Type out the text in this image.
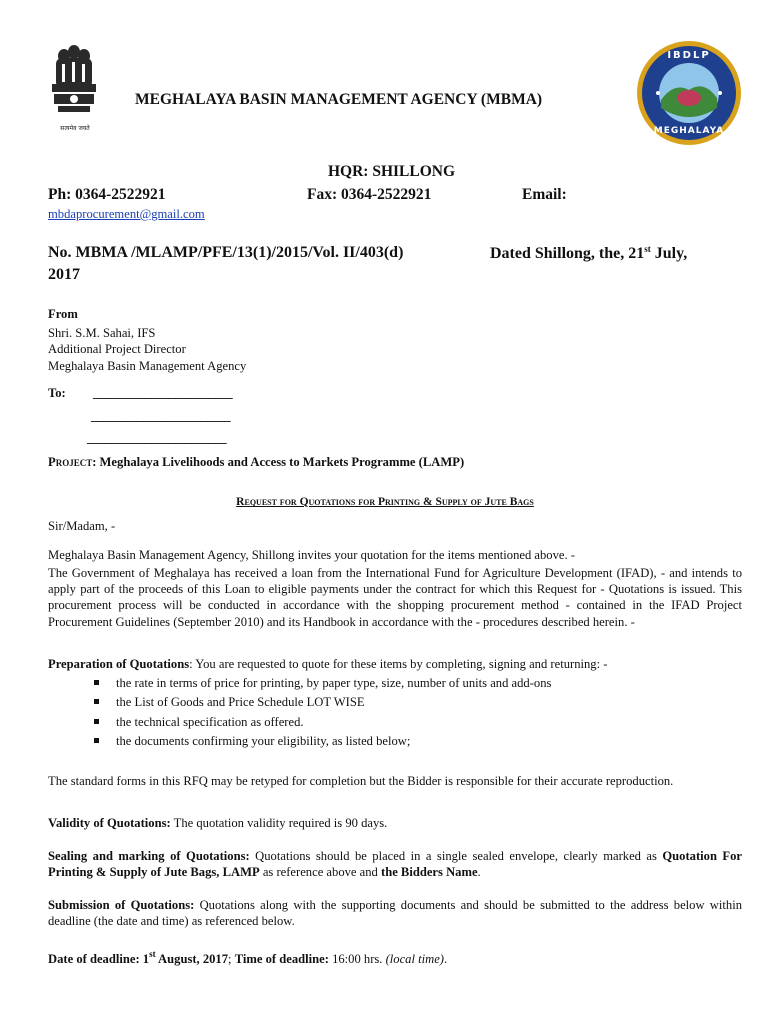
सत्यमेव जयते
IBDLP
MEGHALAYA
MEGHALAYA BASIN MANAGEMENT AGENCY (MBMA)
HQR: SHILLONG
Ph: 0364-2522921	Fax: 0364-2522921	Email:
mbdaprocurement@gmail.com
No. MBMA /MLAMP/PFE/13(1)/2015/Vol. II/403(d)	Dated Shillong, the, 21st July,
2017
From
Shri. S.M. Sahai, IFS
Additional Project Director
Meghalaya Basin Management Agency
To: ________________________
________________________
________________________
Project: Meghalaya Livelihoods and Access to Markets Programme (LAMP)
Request for Quotations for Printing & Supply of Jute Bags
Sir/Madam, -
Meghalaya Basin Management Agency, Shillong invites your quotation for the items mentioned above. -
The Government of Meghalaya has received a loan from the International Fund for Agriculture Development (IFAD), - and intends to apply part of the proceeds of this Loan to eligible payments under the contract for which this Request for - Quotations is issued. This procurement process will be conducted in accordance with the shopping procurement method - contained in the IFAD Project Procurement Guidelines (September 2010) and its Handbook in accordance with the - procedures described herein. -
Preparation of Quotations: You are requested to quote for these items by completing, signing and returning: -
the rate in terms of price for printing, by paper type, size, number of units and add-ons
the List of Goods and Price Schedule LOT WISE
the technical specification as offered.
the documents confirming your eligibility, as listed below;
The standard forms in this RFQ may be retyped for completion but the Bidder is responsible for their accurate reproduction.
Validity of Quotations: The quotation validity required is 90 days.
Sealing and marking of Quotations: Quotations should be placed in a single sealed envelope, clearly marked as Quotation For Printing & Supply of Jute Bags, LAMP as reference above and the Bidders Name.
Submission of Quotations: Quotations along with the supporting documents and should be submitted to the address below within deadline (the date and time) as referenced below.
Date of deadline: 1st August, 2017; Time of deadline: 16:00 hrs. (local time).
